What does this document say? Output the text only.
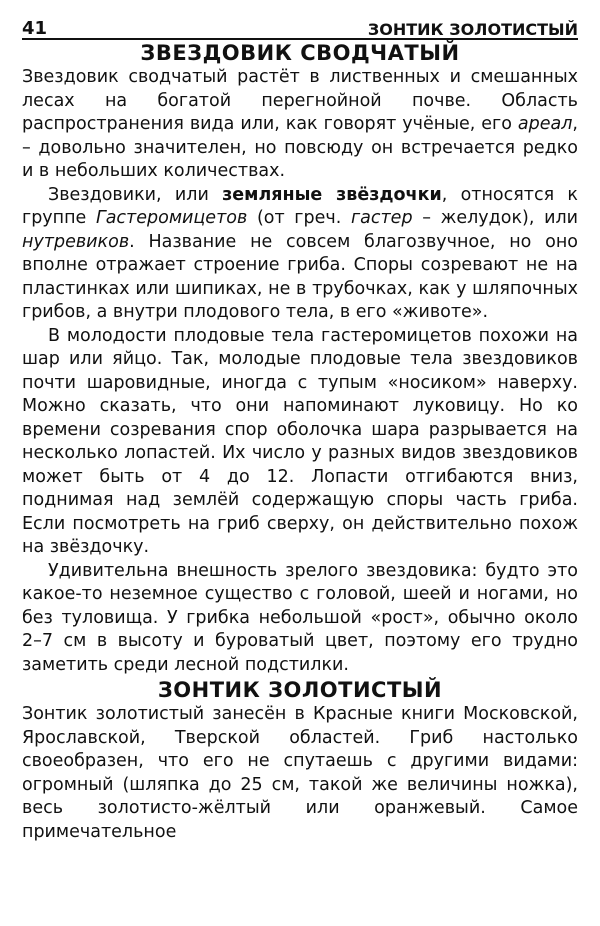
41	ЗОНТИК ЗОЛОТИСТЫЙ
ЗВЕЗДОВИК СВОДЧАТЫЙ

Звездовик сводчатый растёт в лиственных и смешанных лесах на богатой перегнойной почве. Область распространения вида или, как говорят учёные, его ареал, – довольно значителен, но повсюду он встречается редко и в небольших количествах.

Звездовики, или земляные звёздочки, относятся к группе Гастеромицетов (от греч. гастер – желудок), или нутревиков. Название не совсем благозвучное, но оно вполне отражает строение гриба. Споры созревают не на пластинках или шипиках, не в трубочках, как у шляпочных грибов, а внутри плодового тела, в его «животе».

В молодости плодовые тела гастеромицетов похожи на шар или яйцо. Так, молодые плодовые тела звездовиков почти шаровидные, иногда с тупым «носиком» наверху. Можно сказать, что они напоминают луковицу. Но ко времени созревания спор оболочка шара разрывается на несколько лопастей. Их число у разных видов звездовиков может быть от 4 до 12. Лопасти отгибаются вниз, поднимая над землёй содержащую споры часть гриба. Если посмотреть на гриб сверху, он действительно похож на звёздочку.

Удивительна внешность зрелого звездовика: будто это какое-то неземное существо с головой, шеей и ногами, но без туловища. У грибка небольшой «рост», обычно около 2–7 см в высоту и буроватый цвет, поэтому его трудно заметить среди лесной подстилки.

ЗОНТИК ЗОЛОТИСТЫЙ

Зонтик золотистый занесён в Красные книги Московской, Ярославской, Тверской областей. Гриб настолько своеобразен, что его не спутаешь с другими видами: огромный (шляпка до 25 см, такой же величины ножка), весь золотисто-жёлтый или оранжевый. Самое примечательное
